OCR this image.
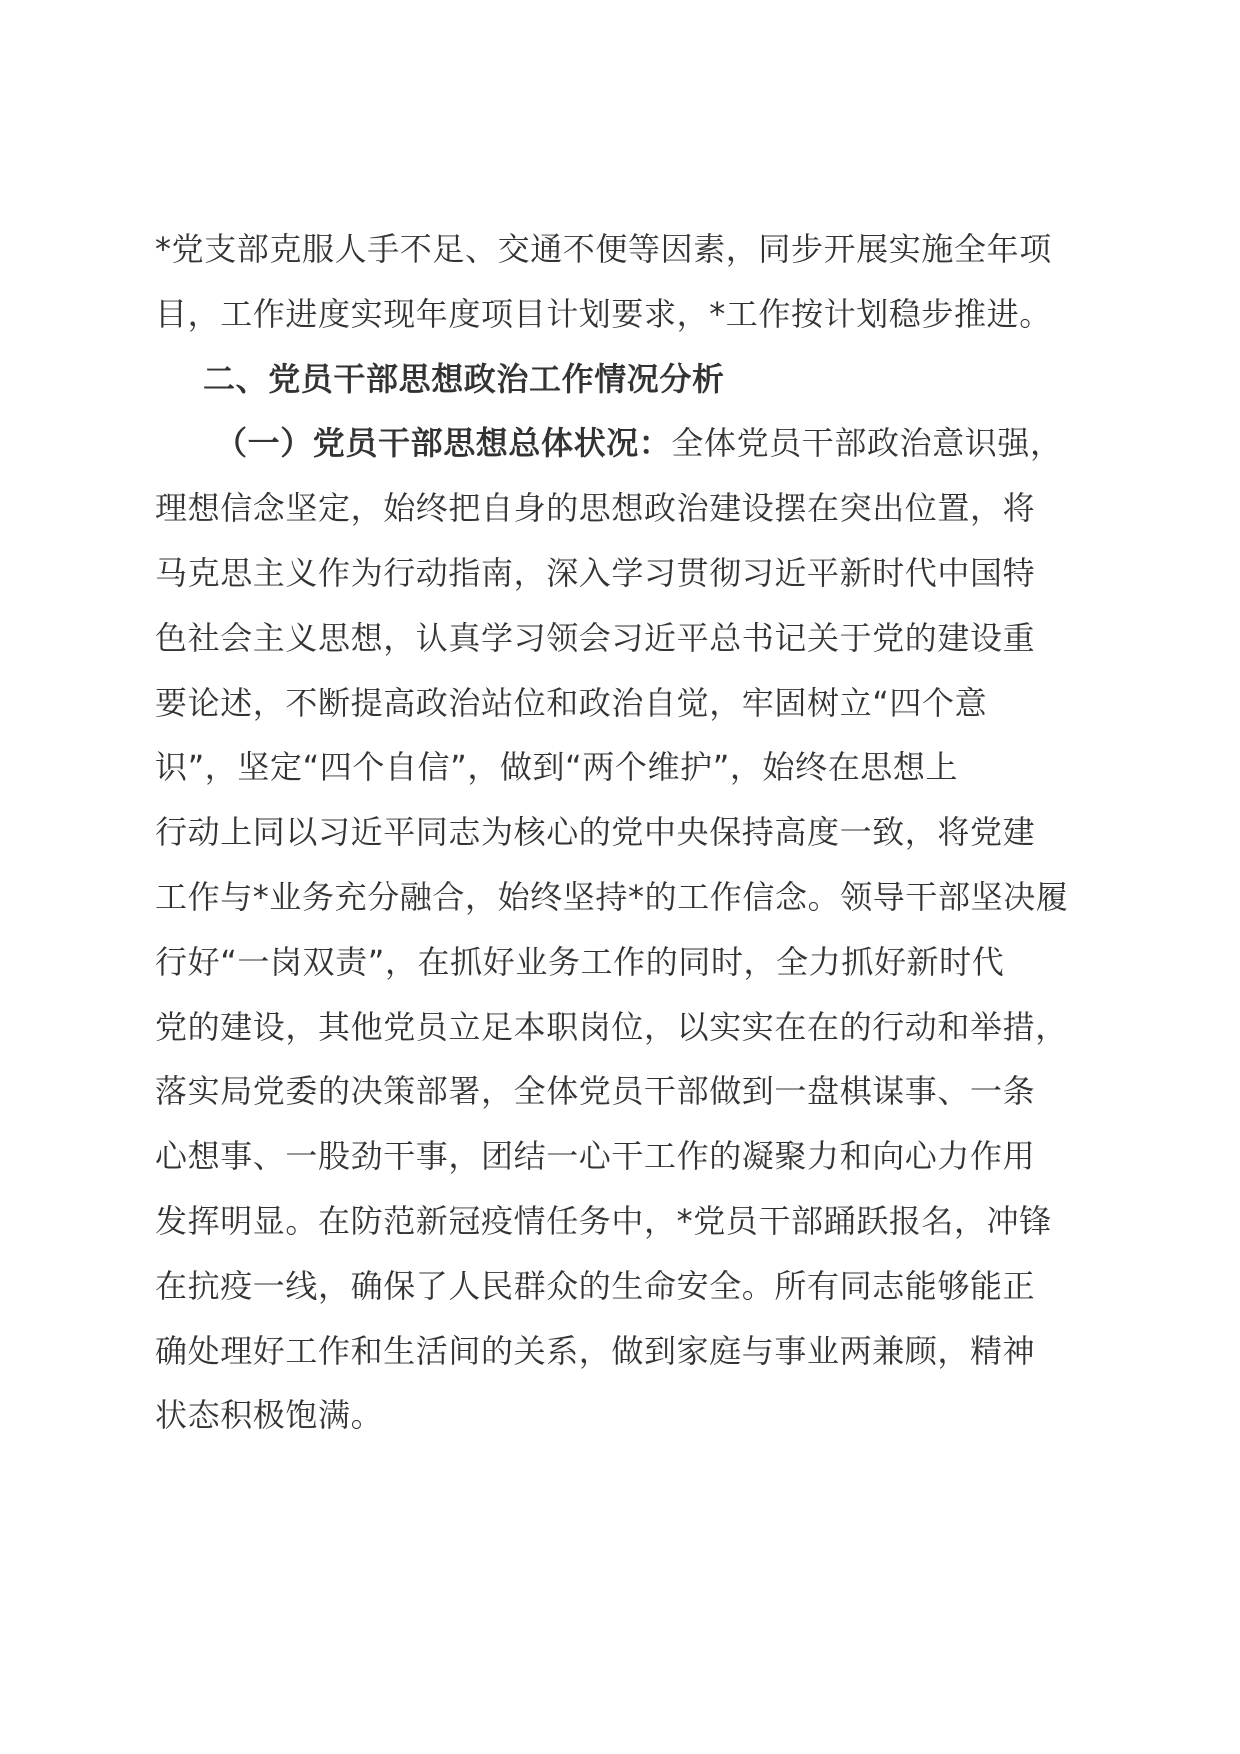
*党支部克服人手不足、交通不便等因素，同步开展实施全年项
目，工作进度实现年度项目计划要求，*工作按计划稳步推进。
二、党员干部思想政治工作情况分析
（一）党员干部思想总体状况：全体党员干部政治意识强，
理想信念坚定，始终把自身的思想政治建设摆在突出位置，将
马克思主义作为行动指南，深入学习贯彻习近平新时代中国特
色社会主义思想，认真学习领会习近平总书记关于党的建设重
要论述，不断提高政治站位和政治自觉，牢固树立“四个意
识”，坚定“四个自信”，做到“两个维护”，始终在思想上
行动上同以习近平同志为核心的党中央保持高度一致，将党建
工作与*业务充分融合，始终坚持*的工作信念。领导干部坚决履
行好“一岗双责”，在抓好业务工作的同时，全力抓好新时代
党的建设，其他党员立足本职岗位，以实实在在的行动和举措，
落实局党委的决策部署，全体党员干部做到一盘棋谋事、一条
心想事、一股劲干事，团结一心干工作的凝聚力和向心力作用
发挥明显。在防范新冠疫情任务中，*党员干部踊跃报名，冲锋
在抗疫一线，确保了人民群众的生命安全。所有同志能够能正
确处理好工作和生活间的关系，做到家庭与事业两兼顾，精神
状态积极饱满。
